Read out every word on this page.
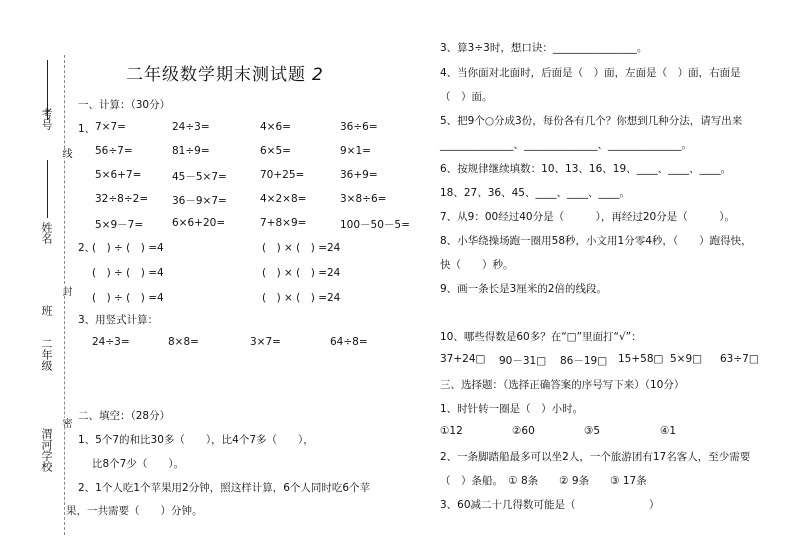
考号
姓名
班
二年级
渭河学校
线
封
密
二年级数学期末测试题 2
一、计算：（30分）
1、 7×7=	24÷3=	4×6=	36÷6=
56÷7=	81÷9=	6×5=	9×1=
5×6+7=	45－5×7=	70+25=	36+9=
32÷8÷2= 36－9×7=	4×2×8=	3×8÷6=
5×9－7=	6×6+20=	7+8×9=	100－50－5=
2、
(　) ÷ (　) =4	(　) × (　) =24
(　) ÷ (　) =4	(　) × (　) =24
(　) ÷ (　) =4	(　) × (　) =24
3、用竖式计算：
24÷3=	8×8=	3×7=	64÷8=
二、填空：（28分）
1、5个7的和比30多（　　），比4个7多（　　），
比8个7少（　　）。
2、1个人吃1个苹果用2分钟，照这样计算，6个人同时吃6个苹
果，一共需要（　　）分钟。
3、算3÷3时，想口诀：________________。
4、当你面对北面时，后面是（　）面，左面是（　）面，右面是
（　）面。
5、把9个○分成3份，每份各有几个？你想到几种分法，请写出来
______________、______________、______________。
6、按规律继续填数：10、13、16、19、____、____、____。
18、27、36、45、____、____、____。
7、从9：00经过40分是（　　　），再经过20分是（　　　）。
8、小华绕操场跑一圈用58秒，小文用1分零4秒，（　　）跑得快，
快（　　）秒。
9、画一条长是3厘米的2倍的线段。
10、哪些得数是60多？在“□”里面打“√”：
37+24□ 90－31□ 86－19□ 15+58□ 5×9□ 63÷7□
三、选择题：（选择正确答案的序号写下来）（10分）
1、时针转一圈是（　）小时。
①12	②60	③5	④1
2、一条脚踏船最多可以坐2人，一个旅游团有17名客人，至少需要
（　）条船。　① 8条　　② 9条　　③ 17条
3、60减二十几得数可能是（　　　　　　　）
